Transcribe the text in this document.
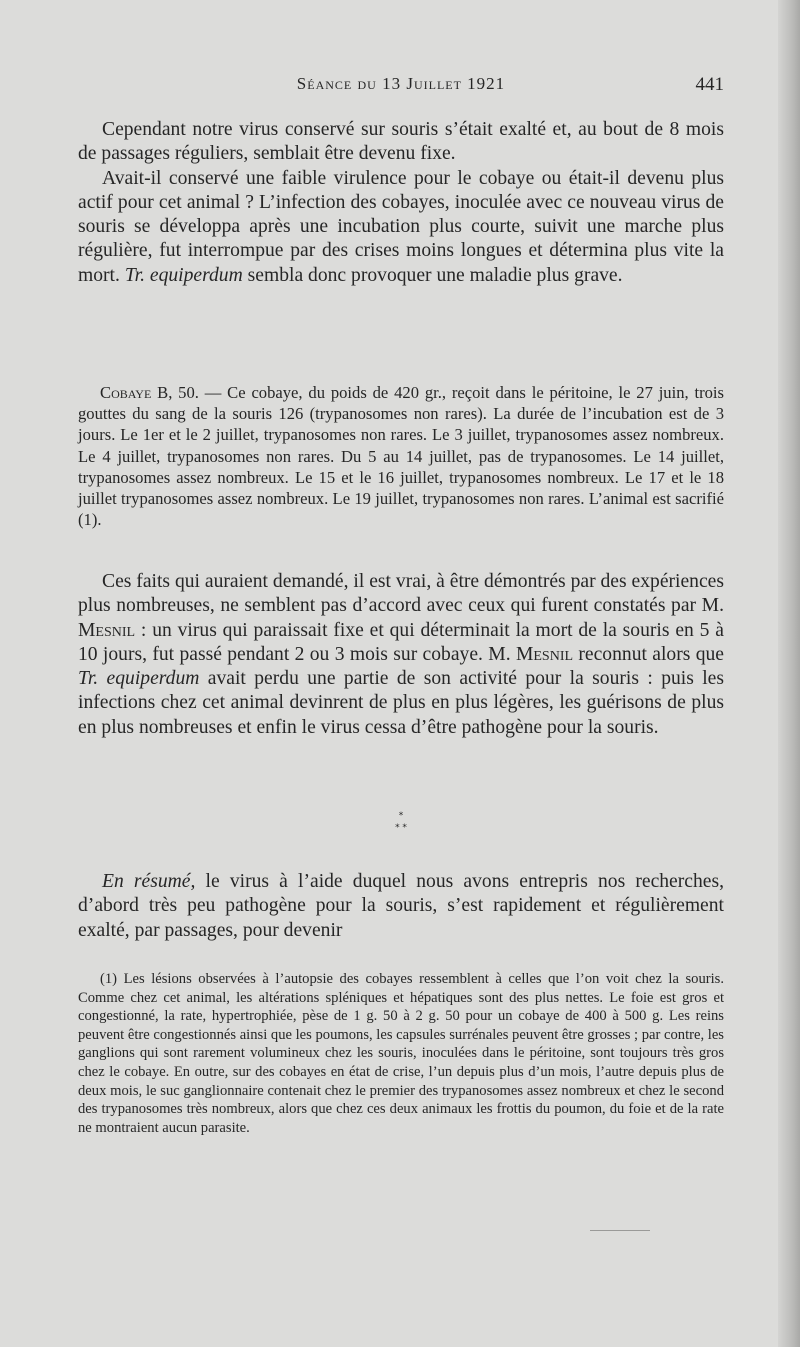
Séance du 13 Juillet 1921	441

Cependant notre virus conservé sur souris s’était exalté et, au bout de 8 mois de passages réguliers, semblait être devenu fixe.

Avait-il conservé une faible virulence pour le cobaye ou était-il devenu plus actif pour cet animal ? L’infection des cobayes, inoculée avec ce nouveau virus de souris se développa après une incubation plus courte, suivit une marche plus régulière, fut interrompue par des crises moins longues et détermina plus vite la mort. Tr. equiperdum sembla donc provoquer une maladie plus grave.

Cobaye B, 50. — Ce cobaye, du poids de 420 gr., reçoit dans le péritoine, le 27 juin, trois gouttes du sang de la souris 126 (trypanosomes non rares). La durée de l’incubation est de 3 jours. Le 1er et le 2 juillet, trypanosomes non rares. Le 3 juillet, trypanosomes assez nombreux. Le 4 juillet, trypanosomes non rares. Du 5 au 14 juillet, pas de trypanosomes. Le 14 juillet, trypanosomes assez nombreux. Le 15 et le 16 juillet, trypanosomes nombreux. Le 17 et le 18 juillet trypanosomes assez nombreux. Le 19 juillet, trypanosomes non rares. L’animal est sacrifié (1).

Ces faits qui auraient demandé, il est vrai, à être démontrés par des expériences plus nombreuses, ne semblent pas d’accord avec ceux qui furent constatés par M. Mesnil : un virus qui paraissait fixe et qui déterminait la mort de la souris en 5 à 10 jours, fut passé pendant 2 ou 3 mois sur cobaye. M. Mesnil reconnut alors que Tr. equiperdum avait perdu une partie de son activité pour la souris : puis les infections chez cet animal devinrent de plus en plus légères, les guérisons de plus en plus nombreuses et enfin le virus cessa d’être pathogène pour la souris.

*
* *

En résumé, le virus à l’aide duquel nous avons entrepris nos recherches, d’abord très peu pathogène pour la souris, s’est rapidement et régulièrement exalté, par passages, pour devenir

(1) Les lésions observées à l’autopsie des cobayes ressemblent à celles que l’on voit chez la souris. Comme chez cet animal, les altérations spléniques et hépatiques sont des plus nettes. Le foie est gros et congestionné, la rate, hypertrophiée, pèse de 1 g. 50 à 2 g. 50 pour un cobaye de 400 à 500 g. Les reins peuvent être congestionnés ainsi que les poumons, les capsules surrénales peuvent être grosses ; par contre, les ganglions qui sont rarement volumineux chez les souris, inoculées dans le péritoine, sont toujours très gros chez le cobaye. En outre, sur des cobayes en état de crise, l’un depuis plus d’un mois, l’autre depuis plus de deux mois, le suc ganglionnaire contenait chez le premier des trypanosomes assez nombreux et chez le second des trypanosomes très nombreux, alors que chez ces deux animaux les frottis du poumon, du foie et de la rate ne montraient aucun parasite.
